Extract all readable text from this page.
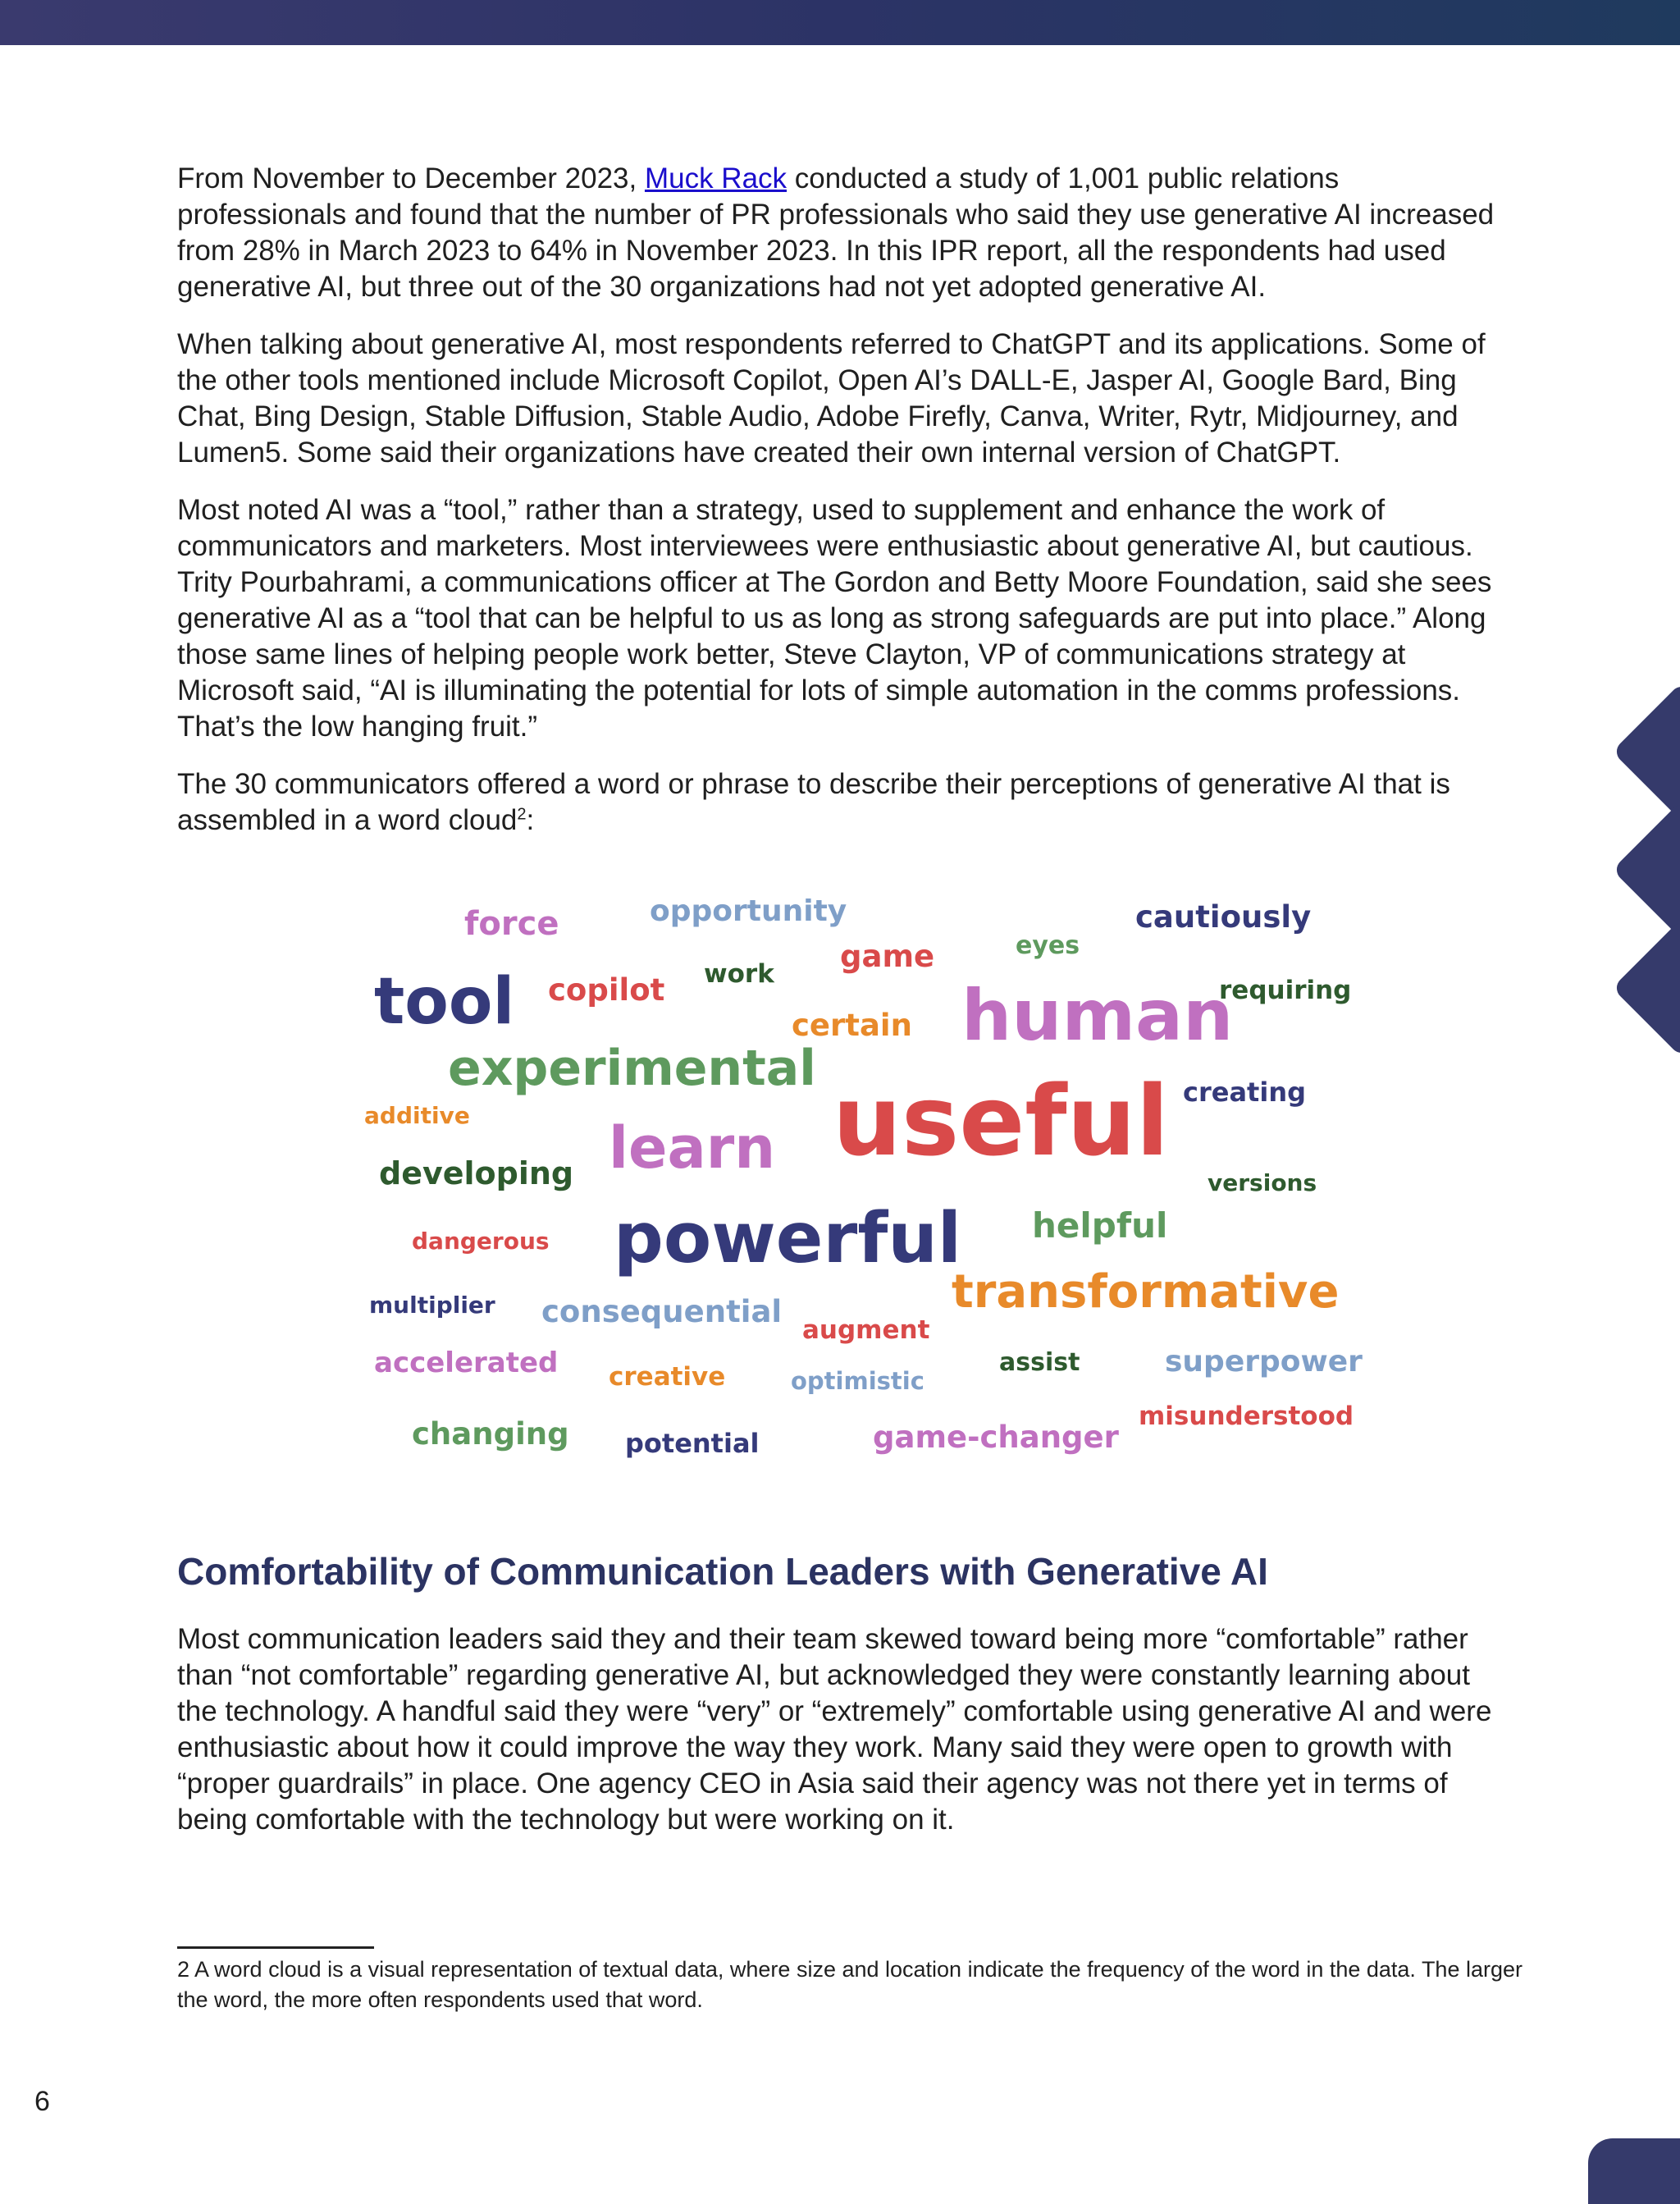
From November to December 2023, Muck Rack conducted a study of 1,001 public relations professionals and found that the number of PR professionals who said they use generative AI increased from 28% in March 2023 to 64% in November 2023. In this IPR report, all the respondents had used generative AI, but three out of the 30 organizations had not yet adopted generative AI.

When talking about generative AI, most respondents referred to ChatGPT and its applications. Some of the other tools mentioned include Microsoft Copilot, Open AI’s DALL-E, Jasper AI, Google Bard, Bing Chat, Bing Design, Stable Diffusion, Stable Audio, Adobe Firefly, Canva, Writer, Rytr, Midjourney, and Lumen5. Some said their organizations have created their own internal version of ChatGPT.

Most noted AI was a “tool,” rather than a strategy, used to supplement and enhance the work of communicators and marketers. Most interviewees were enthusiastic about generative AI, but cautious. Trity Pourbahrami, a communications officer at The Gordon and Betty Moore Foundation, said she sees generative AI as a “tool that can be helpful to us as long as strong safeguards are put into place.” Along those same lines of helping people work better, Steve Clayton, VP of communications strategy at Microsoft said, “AI is illuminating the potential for lots of simple automation in the comms professions. That’s the low hanging fruit.”

The 30 communicators offered a word or phrase to describe their perceptions of generative AI that is assembled in a word cloud$^2$:

force	opportunity	cautiously
eyes
game
work
tool copilot	requiring
certain human
experimental	creating
additive	useful
learn
developing	versions
helpful
dangerous powerful
transformative
multiplier consequential
augment
accelerated	assist	superpower
creative	optimistic
misunderstood
changing potential	game-changer
Comfortability of Communication Leaders with Generative AI

Most communication leaders said they and their team skewed toward being more “comfortable” rather than “not comfortable” regarding generative AI, but acknowledged they were constantly learning about the technology. A handful said they were “very” or “extremely” comfortable using generative AI and were enthusiastic about how it could improve the way they work. Many said they were open to growth with “proper guardrails” in place. One agency CEO in Asia said their agency was not there yet in terms of being comfortable with the technology but were working on it.

2 A word cloud is a visual representation of textual data, where size and location indicate the frequency of the word in the data. The larger the word, the more often respondents used that word.
6
